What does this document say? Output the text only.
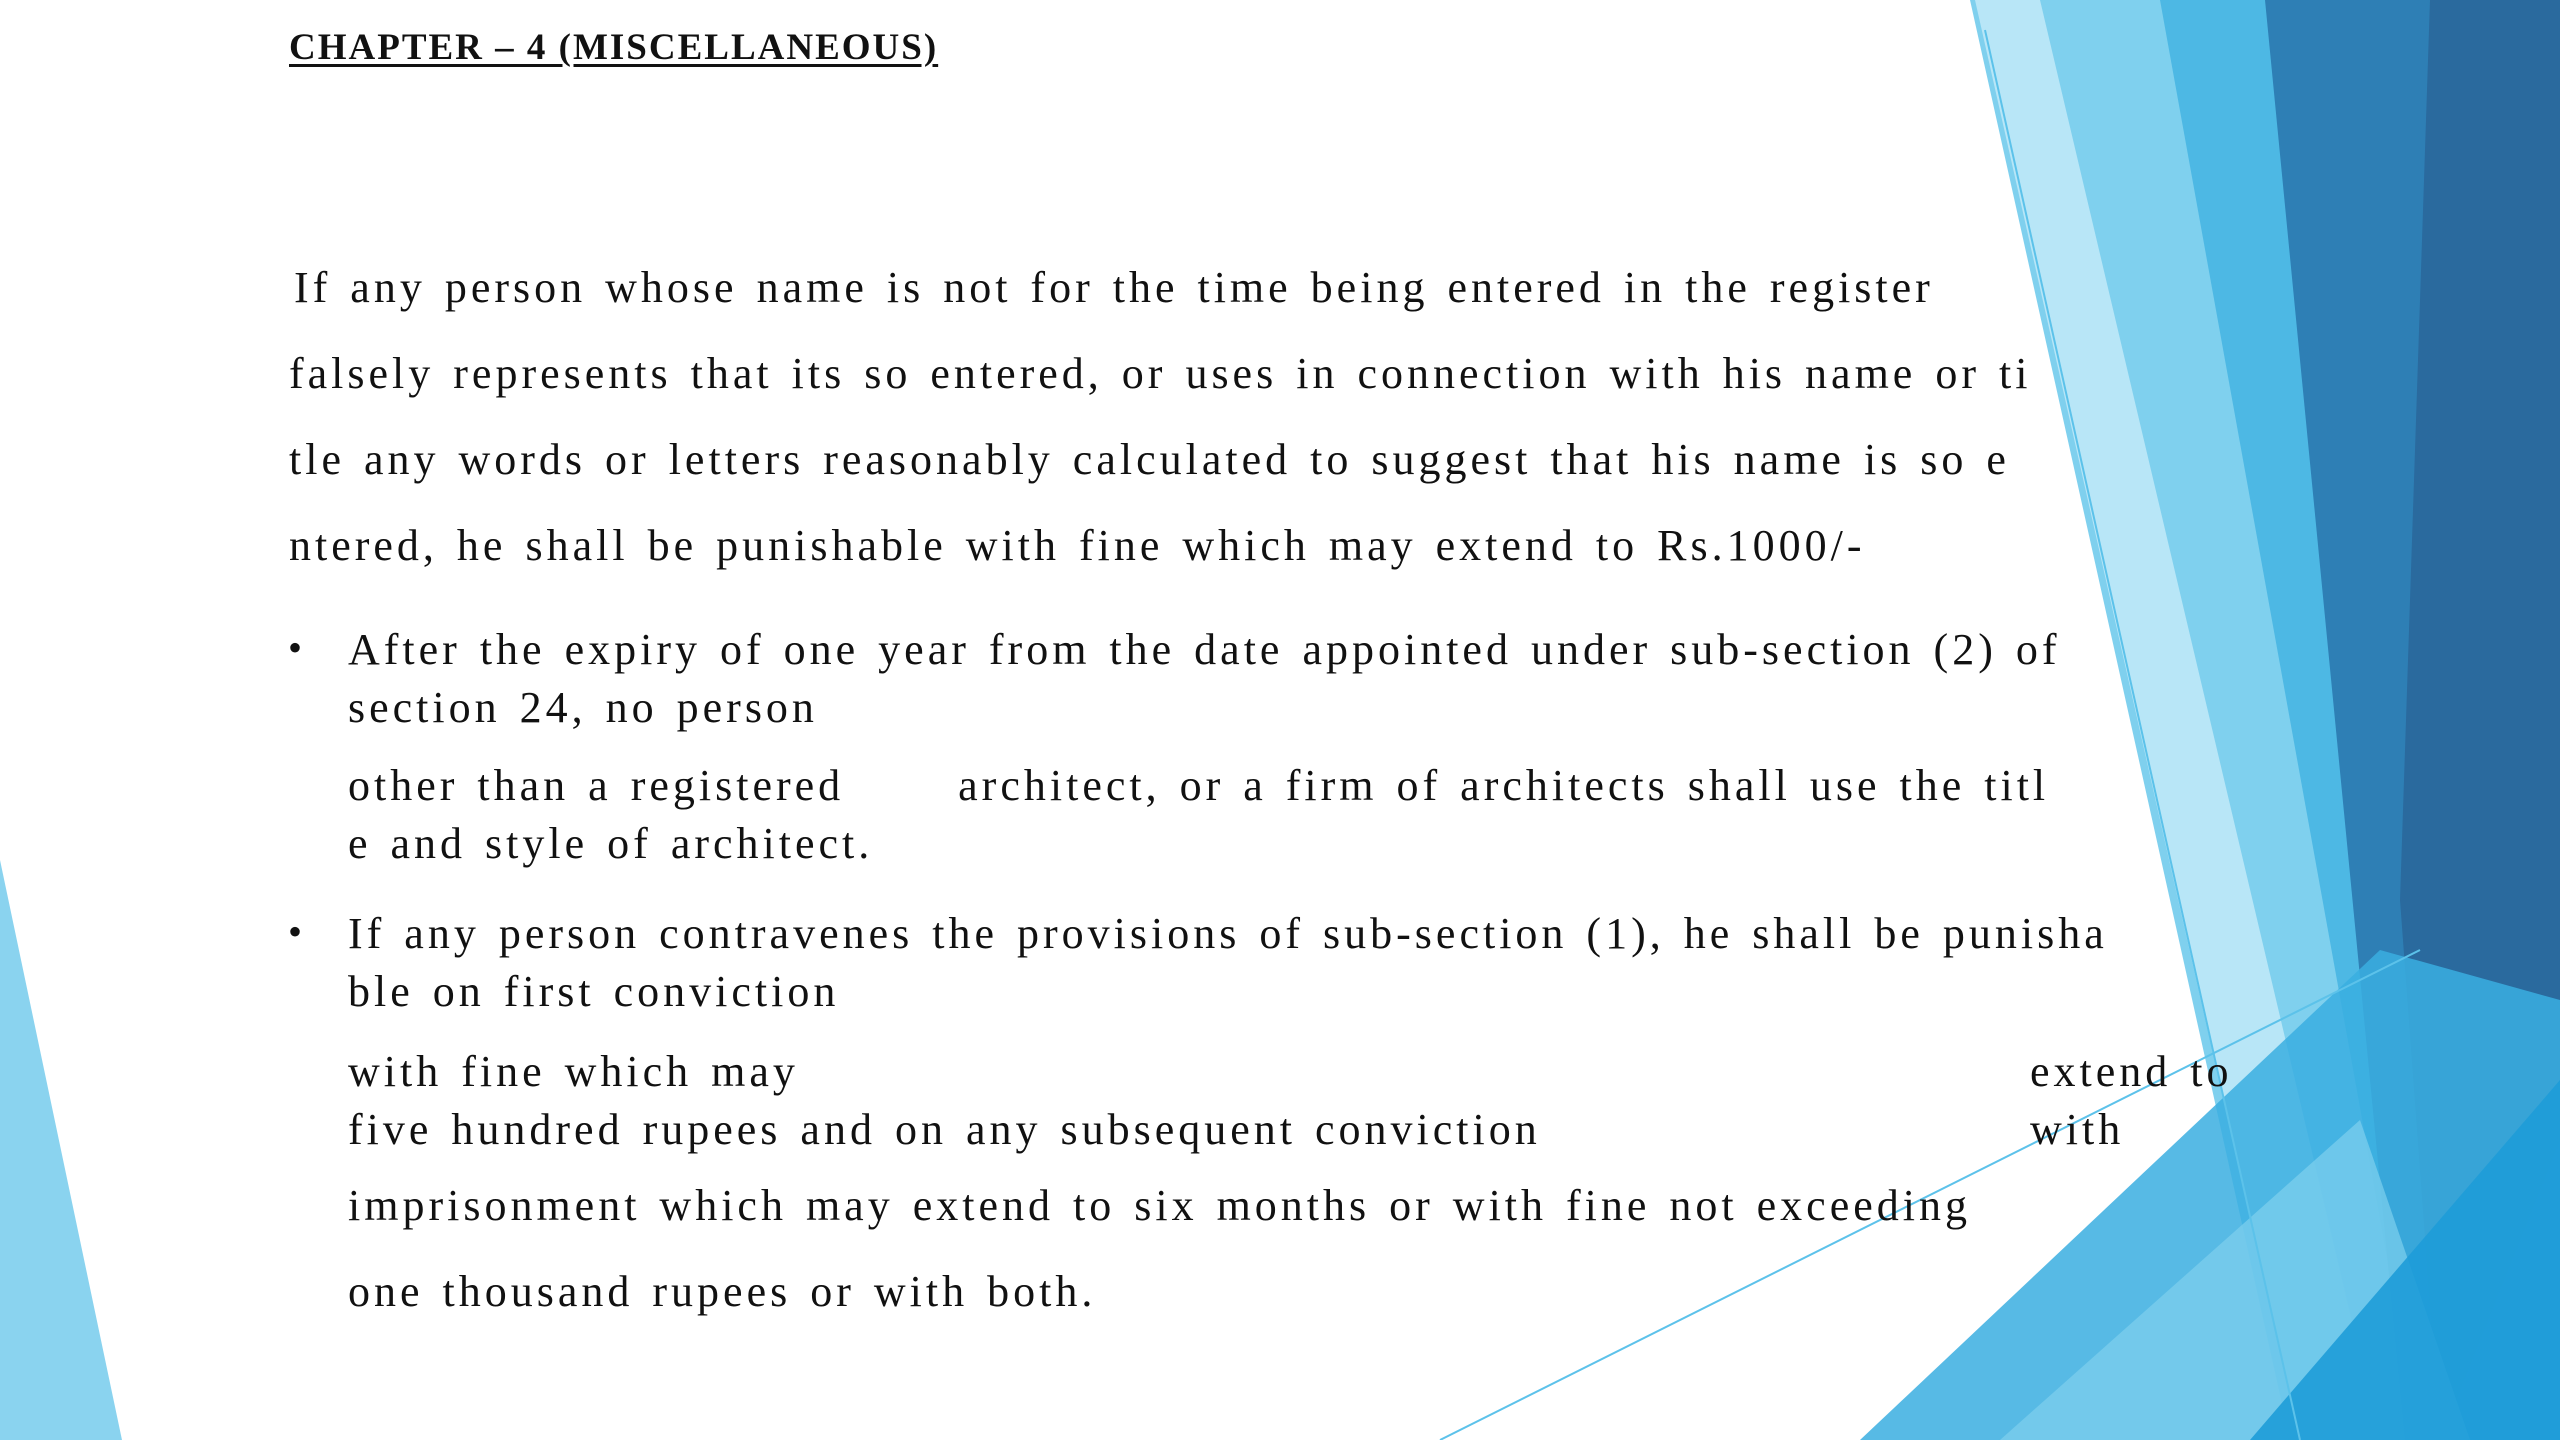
CHAPTER – 4 (MISCELLANEOUS)
If any person whose name is not for the time being entered in the register
falsely represents that its so entered, or uses in connection with his name or ti
tle any words or letters reasonably calculated to suggest that his name is so e
ntered, he shall be punishable with fine which may extend to Rs.1000/-
• After the expiry of one year from the date appointed under sub-section (2) of
section 24, no person
other than a registered      architect, or a firm of architects shall use the titl
e and style of architect.
• If any person contravenes the provisions of sub-section (1), he shall be punisha
ble on first conviction
with fine which may	extend to
five hundred rupees and on any subsequent conviction	with
imprisonment which may extend to six months or with fine not exceeding
one thousand rupees or with both.
